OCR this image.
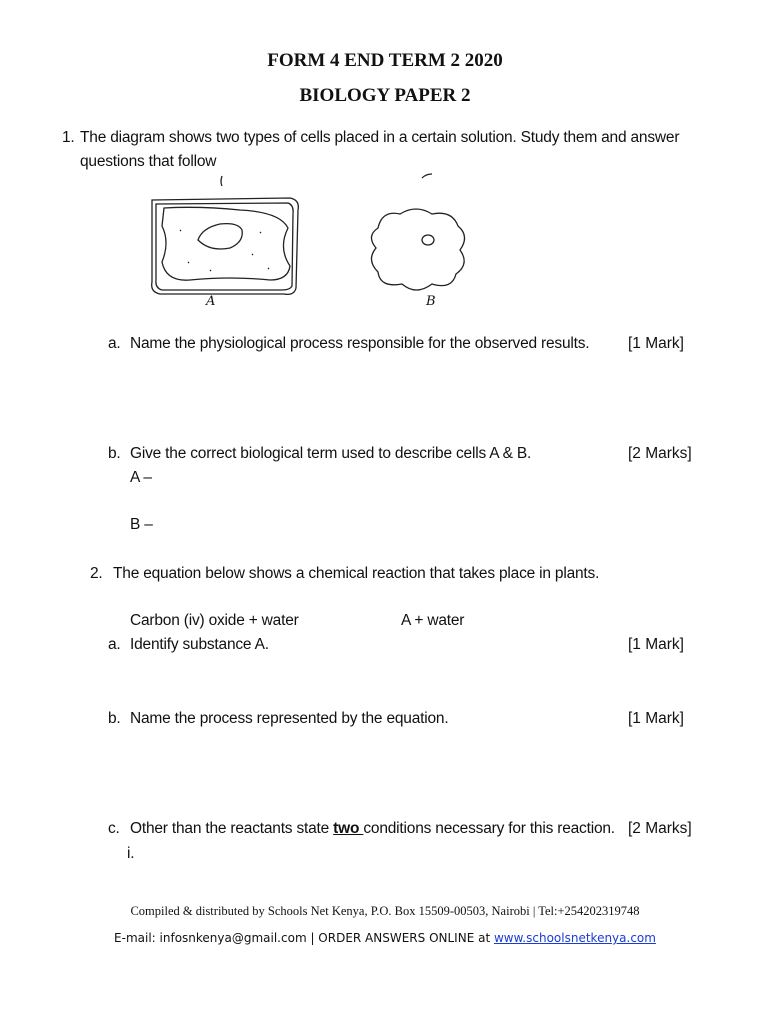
FORM 4 END TERM 2 2020
BIOLOGY PAPER 2
1. The diagram shows two types of cells placed in a certain solution. Study them and answer
questions that follow
A	B
a. Name the physiological process responsible for the observed results. [1 Mark]
b. Give the correct biological term used to describe cells A & B.	[2 Marks]
A –
B –
2. The equation below shows a chemical reaction that takes place in plants.
Carbon (iv) oxide + water	A + water
a. Identify substance A.	[1 Mark]
b. Name the process represented by the equation.	[1 Mark]
c. Other than the reactants state two conditions necessary for this reaction. [2 Marks]
i.
Compiled & distributed by Schools Net Kenya, P.O. Box 15509-00503, Nairobi | Tel:+254202319748
E-mail: infosnkenya@gmail.com | ORDER ANSWERS ONLINE at www.schoolsnetkenya.com
